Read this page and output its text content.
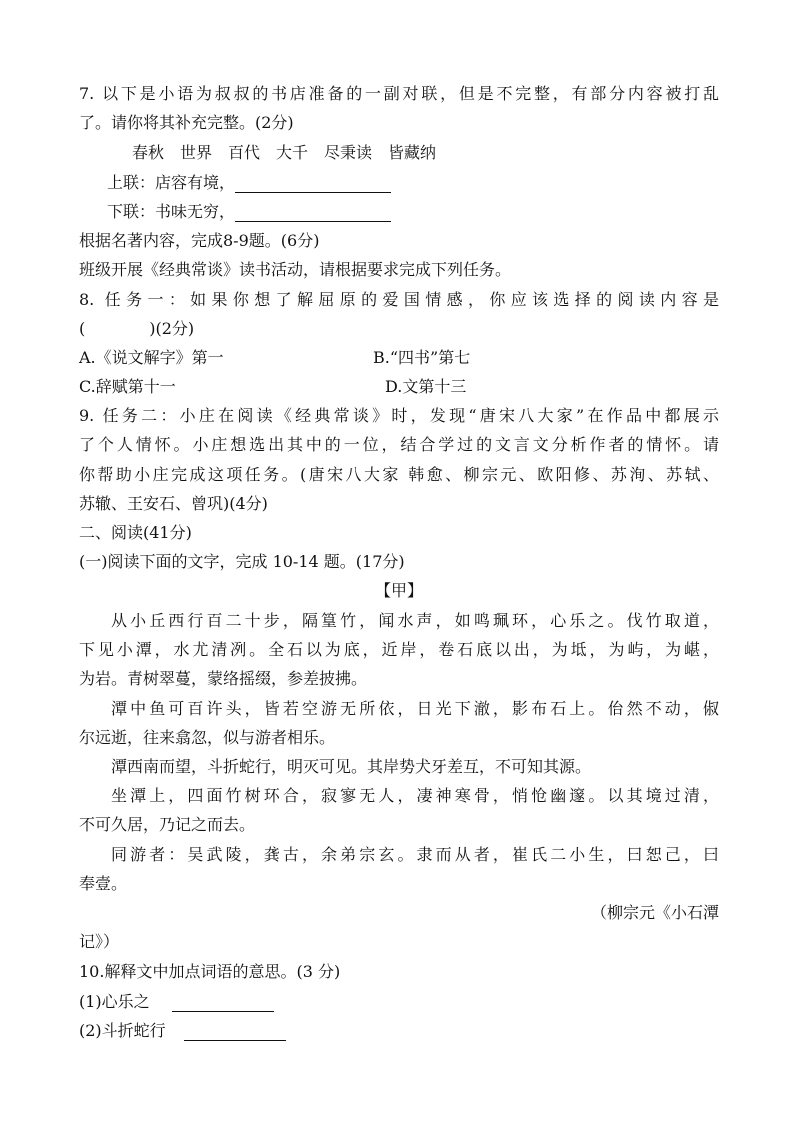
7. 以下是小语为叔叔的书店准备的一副对联，但是不完整，有部分内容被打乱
了。请你将其补充完整。(2分)
春秋　世界　百代　大千　尽秉读　皆藏纳
上联：店容有境，
下联：书味无穷，
根据名著内容，完成8-9题。(6分)
班级开展《经典常谈》读书活动，请根据要求完成下列任务。
8. 任务一：如果你想了解屈原的爱国情感，你应该选择的阅读内容是
(　　　　)(2分)
A.《说文解字》第一	B.“四书”第七
C.辞赋第十一	D.文第十三
9. 任务二：小庄在阅读《经典常谈》时，发现“唐宋八大家”在作品中都展示
了个人情怀。小庄想选出其中的一位，结合学过的文言文分析作者的情怀。请
你帮助小庄完成这项任务。(唐宋八大家 韩愈、柳宗元、欧阳修、苏洵、苏轼、
苏辙、王安石、曾巩)(4分)
二、阅读(41分)
(一)阅读下面的文字，完成 10-14 题。(17分)
【甲】
从小丘西行百二十步，隔篁竹，闻水声，如鸣珮环，心乐之。伐竹取道，
下见小潭，水尤清冽。全石以为底，近岸，卷石底以出，为坻，为屿，为嵁，
为岩。青树翠蔓，蒙络摇缀，参差披拂。
潭中鱼可百许头，皆若空游无所依，日光下澈，影布石上。佁然不动，俶
尔远逝，往来翕忽，似与游者相乐。
潭西南而望，斗折蛇行，明灭可见。其岸势犬牙差互，不可知其源。
坐潭上，四面竹树环合，寂寥无人，凄神寒骨，悄怆幽邃。以其境过清，
不可久居，乃记之而去。
同游者：吴武陵，龚古，余弟宗玄。隶而从者，崔氏二小生，曰恕己，曰
奉壹。
（柳宗元《小石潭
记》）
10.解释文中加点词语的意思。(3 分)
(1)心乐之
(2)斗折蛇行
